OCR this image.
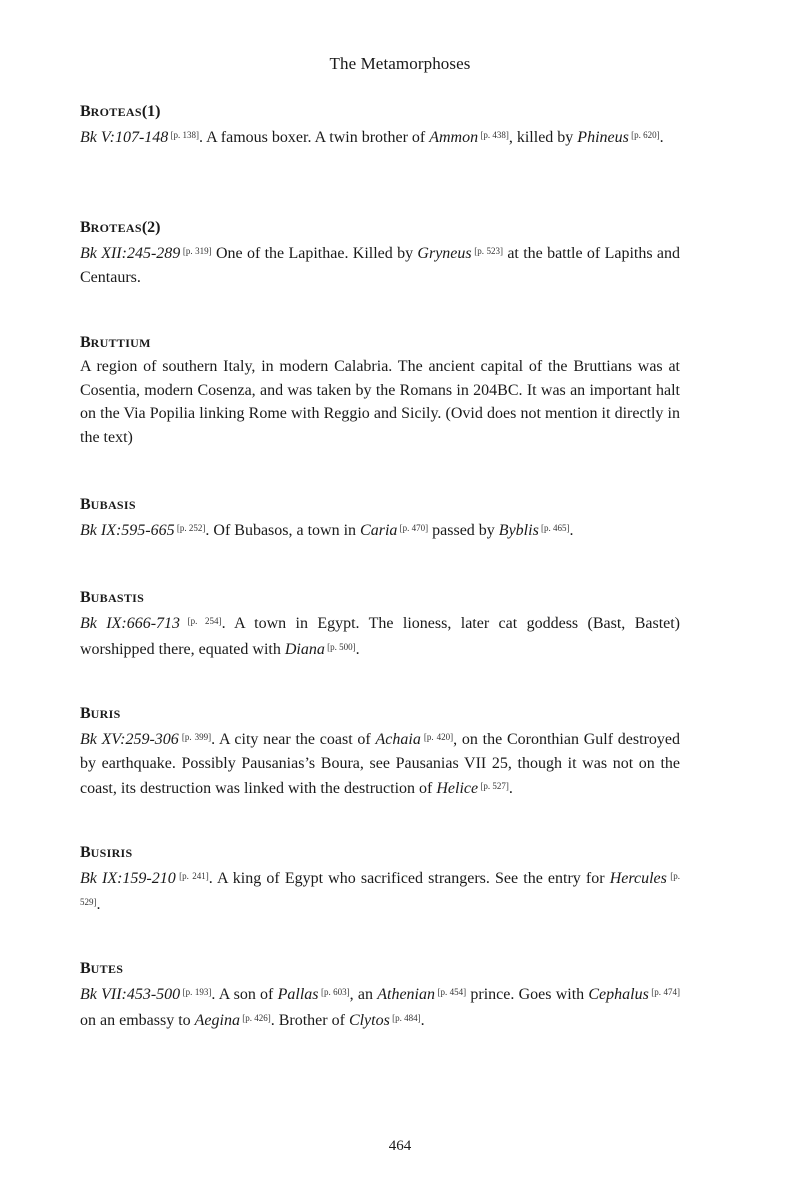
The Metamorphoses
BROTEAS(1)
Bk V:107-148 [p. 138]. A famous boxer. A twin brother of Ammon [p. 438], killed by Phineus [p. 620].
BROTEAS(2)
Bk XII:245-289 [p. 319] One of the Lapithae. Killed by Gryneus [p. 523] at the battle of Lapiths and Centaurs.
BRUTTIUM
A region of southern Italy, in modern Calabria. The ancient capital of the Bruttians was at Cosentia, modern Cosenza, and was taken by the Romans in 204BC. It was an important halt on the Via Popilia linking Rome with Reggio and Sicily. (Ovid does not mention it directly in the text)
BUBASIS
Bk IX:595-665 [p. 252]. Of Bubasos, a town in Caria [p. 470] passed by Byblis [p. 465].
BUBASTIS
Bk IX:666-713 [p. 254]. A town in Egypt. The lioness, later cat goddess (Bast, Bastet) worshipped there, equated with Diana [p. 500].
BURIS
Bk XV:259-306 [p. 399]. A city near the coast of Achaia [p. 420], on the Coronthian Gulf destroyed by earthquake. Possibly Pausanias’s Boura, see Pausanias VII 25, though it was not on the coast, its destruction was linked with the destruction of Helice [p. 527].
BUSIRIS
Bk IX:159-210 [p. 241]. A king of Egypt who sacrificed strangers. See the entry for Hercules [p. 529].
BUTES
Bk VII:453-500 [p. 193]. A son of Pallas [p. 603], an Athenian [p. 454] prince. Goes with Cephalus [p. 474] on an embassy to Aegina [p. 426]. Brother of Clytos [p. 484].
464
